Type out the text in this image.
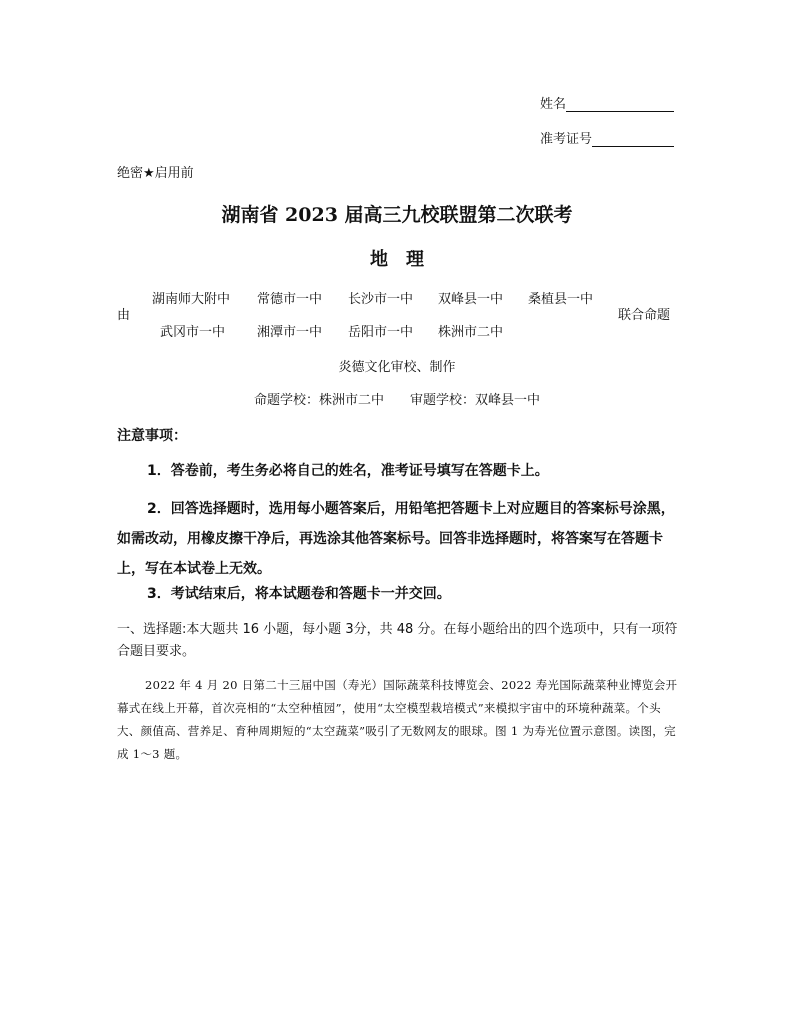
姓名
准考证号
绝密★启用前
湖南省 2023 届高三九校联盟第二次联考
地　理
由
湖南师大附中 常德市一中 长沙市一中 双峰县一中 桑植县一中
武冈市一中 湘潭市一中 岳阳市一中 株洲市二中
联合命题
炎德文化审校、制作
命题学校：株洲市二中　　审题学校：双峰县一中
注意事项：
1．答卷前，考生务必将自己的姓名，准考证号填写在答题卡上。
2．回答选择题时，选用每小题答案后，用铅笔把答题卡上对应题目的答案标号涂黑，如需改动，用橡皮擦干净后，再选涂其他答案标号。回答非选择题时，将答案写在答题卡上，写在本试卷上无效。
3．考试结束后，将本试题卷和答题卡一并交回。
一、选择题:本大题共 16 小题，每小题 3分，共 48 分。在每小题给出的四个选项中，只有一项符合题目要求。
2022 年 4 月 20 日第二十三届中国（寿光）国际蔬菜科技博览会、2022 寿光国际蔬菜种业博览会开幕式在线上开幕，首次亮相的“太空种植园”，使用“太空模型栽培模式”来模拟宇宙中的环境种蔬菜。个头大、颜值高、营养足、育种周期短的“太空蔬菜”吸引了无数网友的眼球。图 1 为寿光位置示意图。读图，完成 1～3 题。
